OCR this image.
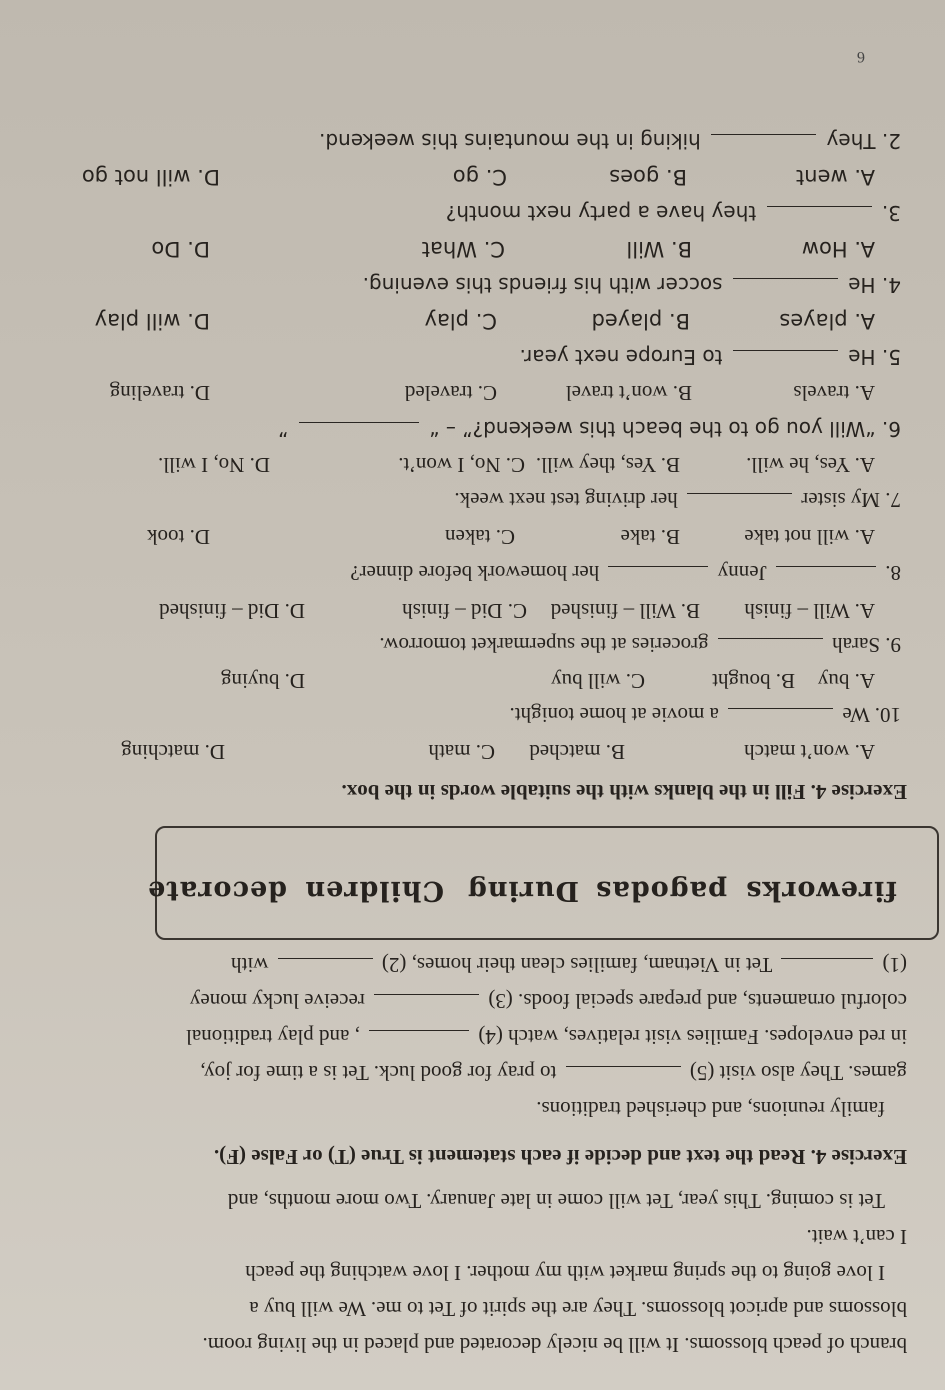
branch of peach blossoms. It will be nicely decorated and placed in the living room.
blossoms and apricot blossoms. They are the spirit of Tet to me. We will buy a
I love going to the spring market with my mother. I love watching the peach
I can’t wait.
Tet is coming. This year, Tet will come in late January. Two more months, and
Exercise 4. Read the text and decide if each statement is True (T) or False (F).
family reunions, and cherished traditions.
games. They also visit (5)  to pray for good luck. Tet is a time for joy,
in red envelopes. Families visit relatives, watch (4)  , and play traditional
colorful ornaments, and prepare special foods. (3)  receive lucky money
(1)  Tet in Vietnam, families clean their homes, (2)  with
fireworks
pagodas
During
Children
decorate
Exercise 4. Fill in the blanks with the suitable words in the box.
A. won’t match
B. matched
C. math
D. matching
10. We  a movie at home tonight.
A. buy
B. bought
C. will buy
D. buying
9. Sarah  groceries at the supermarket tomorrow.
A. Will – finish
B. Will – finished
C. Did – finish
D. Did – finished
8.  Jenny  her homework before dinner?
A. will not take
B. take
C. taken
D. took
7. My sister  her driving test next week.
A. Yes, he will.
B. Yes, they will.
C. No, I won’t.
D. No, I will.
6. “Will you go to the beach this weekend?” – “  ”
A. travels
B. won’t travel
C. traveled
D. traveling
5. He  to Europe next year.
A. playes
B. played
C. play
D. will play
4. He  soccer with his friends this evening.
A. How
B. Will
C. What
D. Do
3.  they have a party next month?
A. went
B. goes
C. go
D. will not go
2. They  hiking in the mountains this weekend.
6
